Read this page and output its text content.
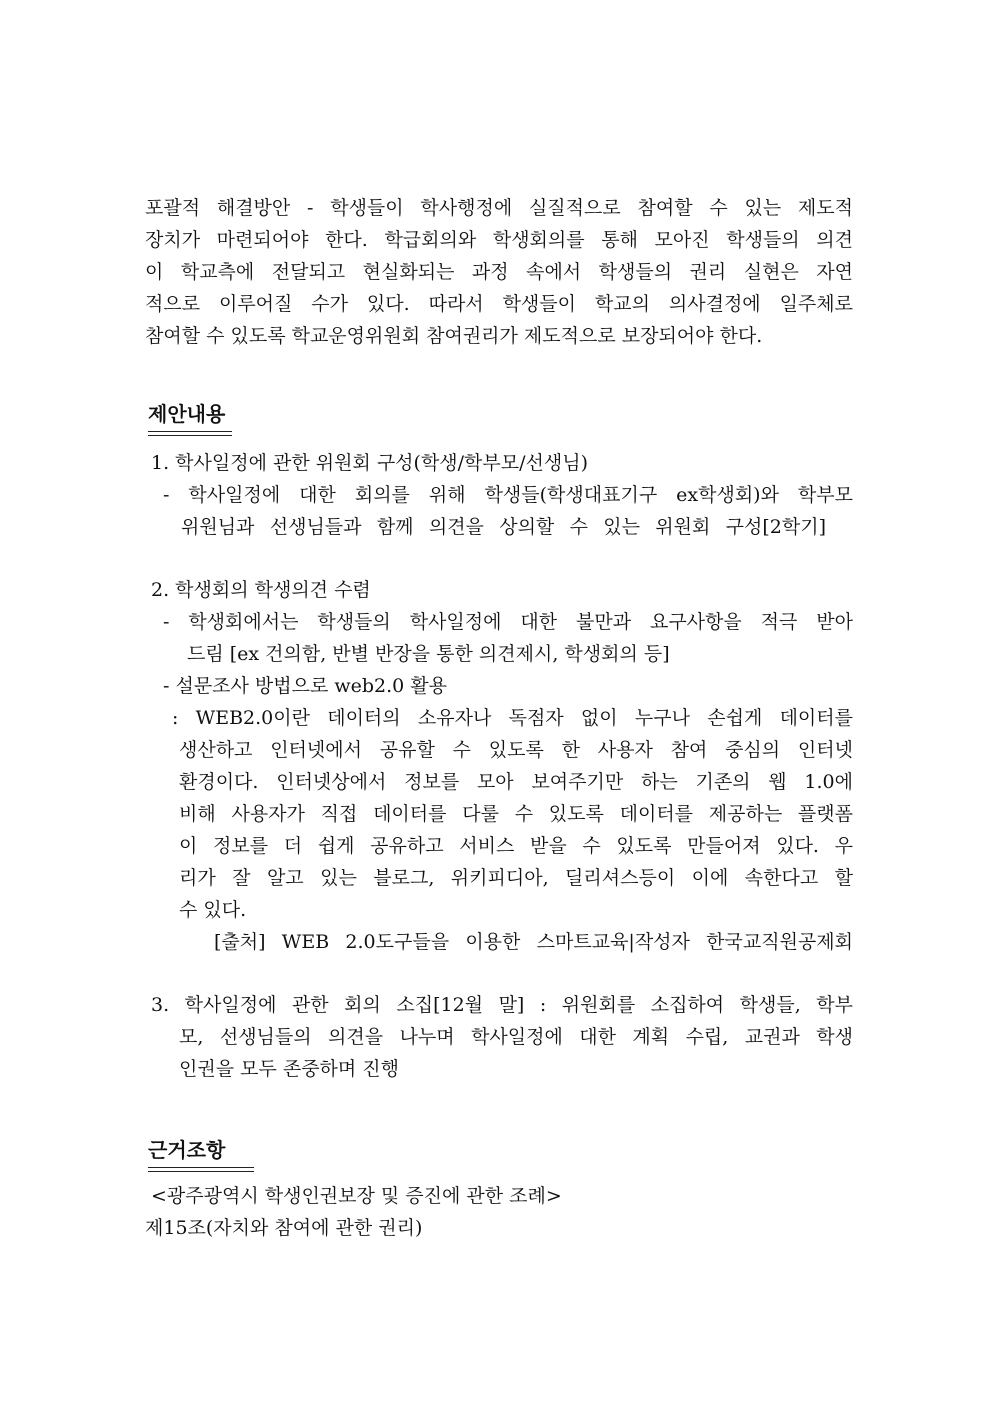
포괄적 해결방안 - 학생들이 학사행정에 실질적으로 참여할 수 있는 제도적
장치가 마련되어야 한다. 학급회의와 학생회의를 통해 모아진 학생들의 의견
이 학교측에 전달되고 현실화되는 과정 속에서 학생들의 권리 실현은 자연
적으로 이루어질 수가 있다. 따라서 학생들이 학교의 의사결정에 일주체로
참여할 수 있도록 학교운영위원회 참여권리가 제도적으로 보장되어야 한다.
제안내용
1. 학사일정에 관한 위원회 구성(학생/학부모/선생님)
- 학사일정에 대한 회의를 위해 학생들(학생대표기구 ex학생회)와 학부모
위원님과 선생님들과 함께 의견을 상의할 수 있는 위원회 구성[2학기]
2. 학생회의 학생의견 수렴
- 학생회에서는 학생들의 학사일정에 대한 불만과 요구사항을 적극 받아
드림 [ex 건의함, 반별 반장을 통한 의견제시, 학생회의 등]
- 설문조사 방법으로 web2.0 활용
: WEB2.0이란 데이터의 소유자나 독점자 없이 누구나 손쉽게 데이터를
생산하고 인터넷에서 공유할 수 있도록 한 사용자 참여 중심의 인터넷
환경이다. 인터넷상에서 정보를 모아 보여주기만 하는 기존의 웹 1.0에
비해 사용자가 직접 데이터를 다룰 수 있도록 데이터를 제공하는 플랫폼
이 정보를 더 쉽게 공유하고 서비스 받을 수 있도록 만들어져 있다. 우
리가 잘 알고 있는 블로그, 위키피디아, 딜리셔스등이 이에 속한다고 할
수 있다.
[출처] WEB 2.0도구들을 이용한 스마트교육|작성자 한국교직원공제회
3. 학사일정에 관한 회의 소집[12월 말] : 위원회를 소집하여 학생들, 학부
모, 선생님들의 의견을 나누며 학사일정에 대한 계획 수립, 교권과 학생
인권을 모두 존중하며 진행
근거조항
<광주광역시 학생인권보장 및 증진에 관한 조례>
제15조(자치와 참여에 관한 권리)
